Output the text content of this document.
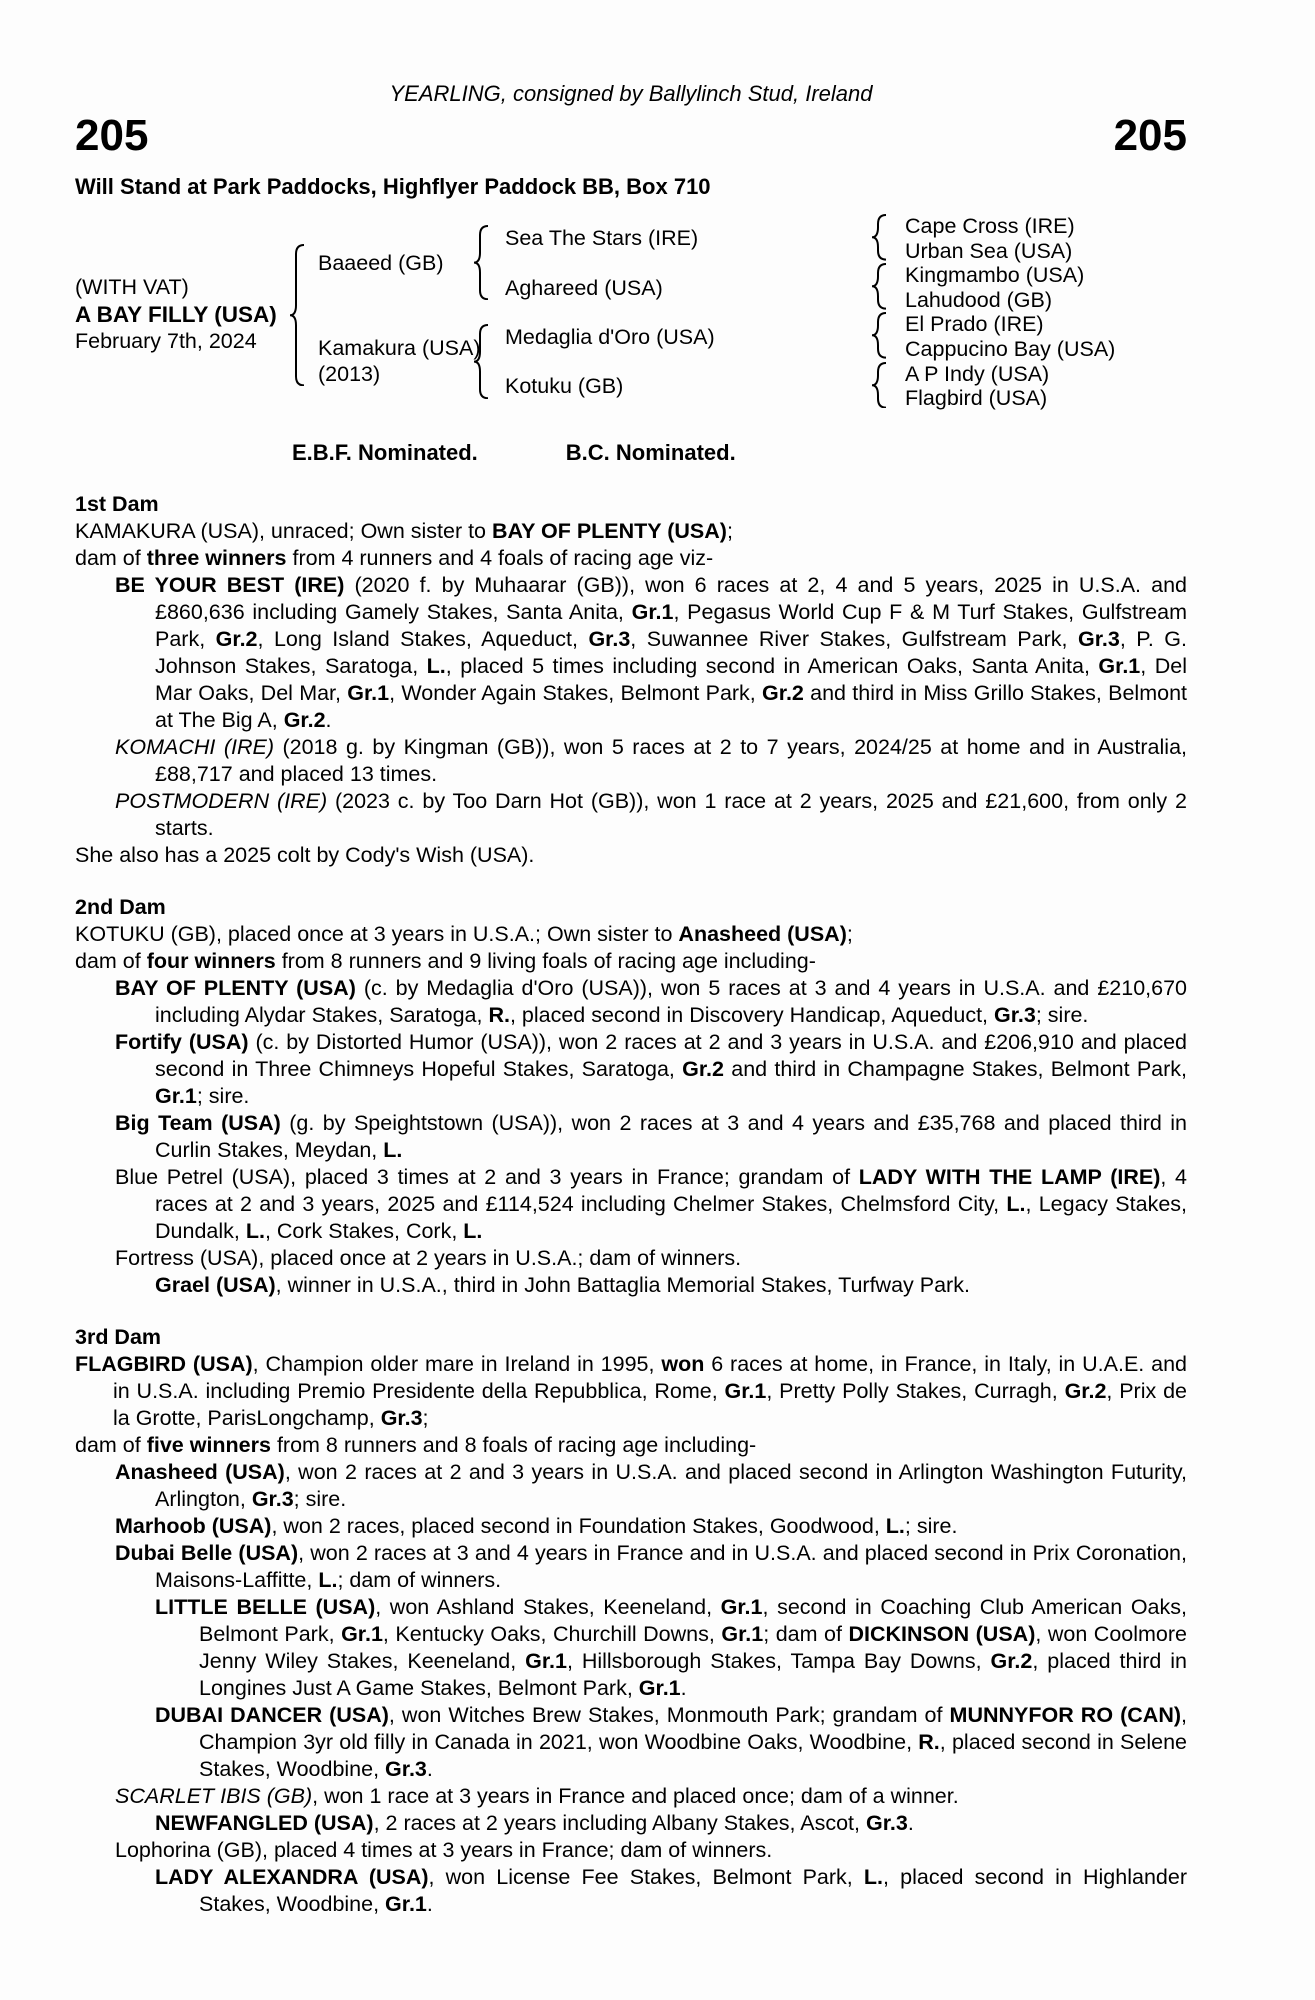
YEARLING, consigned by Ballylinch Stud, Ireland
205	205
Will Stand at Park Paddocks, Highflyer Paddock BB, Box 710
(WITH VAT)
A BAY FILLY (USA)
February 7th, 2024
Cape Cross (IRE)
Urban Sea (USA)
Kingmambo (USA)
Lahudood (GB)
El Prado (IRE)
Cappucino Bay (USA)
A P Indy (USA)
Flagbird (USA)
Sea The Stars (IRE)
Aghareed (USA)
Medaglia d'Oro (USA)
Kotuku (GB)
Baaeed (GB)
Kamakura (USA)
(2013)
E.B.F. Nominated.	B.C. Nominated.
1st Dam
KAMAKURA (USA), unraced; Own sister to BAY OF PLENTY (USA);
dam of three winners from 4 runners and 4 foals of racing age viz-
BE YOUR BEST (IRE) (2020 f. by Muhaarar (GB)), won 6 races at 2, 4 and 5 years, 2025 in U.S.A. and £860,636 including Gamely Stakes, Santa Anita, Gr.1, Pegasus World Cup F & M Turf Stakes, Gulfstream Park, Gr.2, Long Island Stakes, Aqueduct, Gr.3, Suwannee River Stakes, Gulfstream Park, Gr.3, P. G. Johnson Stakes, Saratoga, L., placed 5 times including second in American Oaks, Santa Anita, Gr.1, Del Mar Oaks, Del Mar, Gr.1, Wonder Again Stakes, Belmont Park, Gr.2 and third in Miss Grillo Stakes, Belmont at The Big A, Gr.2.
KOMACHI (IRE) (2018 g. by Kingman (GB)), won 5 races at 2 to 7 years, 2024/25 at home and in Australia, £88,717 and placed 13 times.
POSTMODERN (IRE) (2023 c. by Too Darn Hot (GB)), won 1 race at 2 years, 2025 and £21,600, from only 2 starts.
She also has a 2025 colt by Cody's Wish (USA).
2nd Dam
KOTUKU (GB), placed once at 3 years in U.S.A.; Own sister to Anasheed (USA);
dam of four winners from 8 runners and 9 living foals of racing age including-
BAY OF PLENTY (USA) (c. by Medaglia d'Oro (USA)), won 5 races at 3 and 4 years in U.S.A. and £210,670 including Alydar Stakes, Saratoga, R., placed second in Discovery Handicap, Aqueduct, Gr.3; sire.
Fortify (USA) (c. by Distorted Humor (USA)), won 2 races at 2 and 3 years in U.S.A. and £206,910 and placed second in Three Chimneys Hopeful Stakes, Saratoga, Gr.2 and third in Champagne Stakes, Belmont Park, Gr.1; sire.
Big Team (USA) (g. by Speightstown (USA)), won 2 races at 3 and 4 years and £35,768 and placed third in Curlin Stakes, Meydan, L.
Blue Petrel (USA), placed 3 times at 2 and 3 years in France; grandam of LADY WITH THE LAMP (IRE), 4 races at 2 and 3 years, 2025 and £114,524 including Chelmer Stakes, Chelmsford City, L., Legacy Stakes, Dundalk, L., Cork Stakes, Cork, L.
Fortress (USA), placed once at 2 years in U.S.A.; dam of winners.
Grael (USA), winner in U.S.A., third in John Battaglia Memorial Stakes, Turfway Park.
3rd Dam
FLAGBIRD (USA), Champion older mare in Ireland in 1995, won 6 races at home, in France, in Italy, in U.A.E. and in U.S.A. including Premio Presidente della Repubblica, Rome, Gr.1, Pretty Polly Stakes, Curragh, Gr.2, Prix de la Grotte, ParisLongchamp, Gr.3;
dam of five winners from 8 runners and 8 foals of racing age including-
Anasheed (USA), won 2 races at 2 and 3 years in U.S.A. and placed second in Arlington Washington Futurity, Arlington, Gr.3; sire.
Marhoob (USA), won 2 races, placed second in Foundation Stakes, Goodwood, L.; sire.
Dubai Belle (USA), won 2 races at 3 and 4 years in France and in U.S.A. and placed second in Prix Coronation, Maisons-Laffitte, L.; dam of winners.
LITTLE BELLE (USA), won Ashland Stakes, Keeneland, Gr.1, second in Coaching Club American Oaks, Belmont Park, Gr.1, Kentucky Oaks, Churchill Downs, Gr.1; dam of DICKINSON (USA), won Coolmore Jenny Wiley Stakes, Keeneland, Gr.1, Hillsborough Stakes, Tampa Bay Downs, Gr.2, placed third in Longines Just A Game Stakes, Belmont Park, Gr.1.
DUBAI DANCER (USA), won Witches Brew Stakes, Monmouth Park; grandam of MUNNYFOR RO (CAN), Champion 3yr old filly in Canada in 2021, won Woodbine Oaks, Woodbine, R., placed second in Selene Stakes, Woodbine, Gr.3.
SCARLET IBIS (GB), won 1 race at 3 years in France and placed once; dam of a winner.
NEWFANGLED (USA), 2 races at 2 years including Albany Stakes, Ascot, Gr.3.
Lophorina (GB), placed 4 times at 3 years in France; dam of winners.
LADY ALEXANDRA (USA), won License Fee Stakes, Belmont Park, L., placed second in Highlander Stakes, Woodbine, Gr.1.
